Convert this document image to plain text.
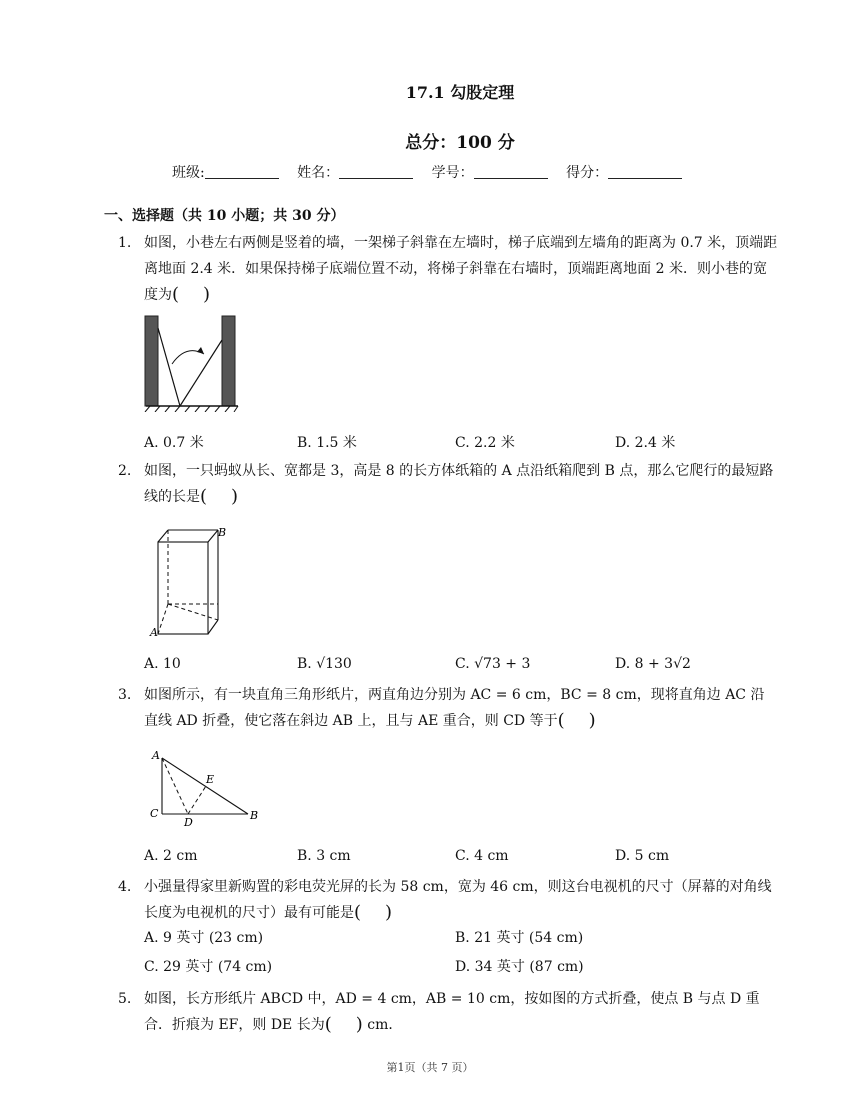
17.1 勾股定理
总分：100 分
班级:	姓名：	学号：	得分：
一、选择题（共 10 小题；共 30 分）
1. 如图，小巷左右两侧是竖着的墙，一架梯子斜靠在左墙时，梯子底端到左墙角的距离为 0.7 米，顶端距离地面 2.4 米．如果保持梯子底端位置不动，将梯子斜靠在右墙时，顶端距离地面 2 米．则小巷的宽度为( )
A. 0.7 米	B. 1.5 米	C. 2.2 米	D. 2.4 米
2. 如图，一只蚂蚁从长、宽都是 3，高是 8 的长方体纸箱的 A 点沿纸箱爬到 B 点，那么它爬行的最短路线的长是( )
B
A
A. 10	B. √130	C. √73 + 3	D. 8 + 3√2
3. 如图所示，有一块直角三角形纸片，两直角边分别为 AC = 6 cm，BC = 8 cm，现将直角边 AC 沿直线 AD 折叠，使它落在斜边 AB 上，且与 AE 重合，则 CD 等于( )
A
E
C
D
B
A. 2 cm	B. 3 cm	C. 4 cm	D. 5 cm
4. 小强量得家里新购置的彩电荧光屏的长为 58 cm，宽为 46 cm，则这台电视机的尺寸（屏幕的对角线长度为电视机的尺寸）最有可能是( )
A. 9 英寸 (23 cm)	B. 21 英寸 (54 cm)
C. 29 英寸 (74 cm)	D. 34 英寸 (87 cm)
5. 如图，长方形纸片 ABCD 中，AD = 4 cm，AB = 10 cm，按如图的方式折叠，使点 B 与点 D 重合．折痕为 EF，则 DE 长为( ) cm．
第1页（共 7 页）
